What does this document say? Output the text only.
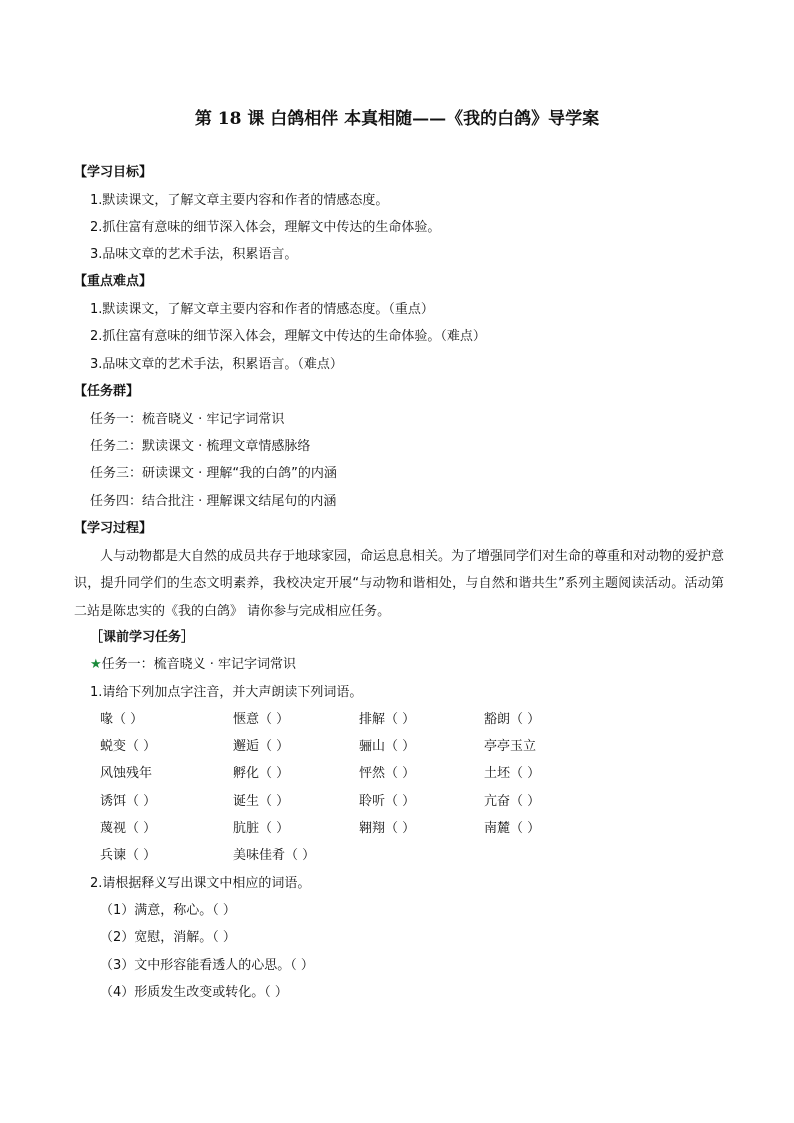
第 18 课 白鸽相伴 本真相随——《我的白鸽》导学案
【学习目标】
1.默读课文，了解文章主要内容和作者的情感态度。
2.抓住富有意味的细节深入体会，理解文中传达的生命体验。
3.品味文章的艺术手法，积累语言。
【重点难点】
1.默读课文，了解文章主要内容和作者的情感态度。（重点）
2.抓住富有意味的细节深入体会，理解文中传达的生命体验。（难点）
3.品味文章的艺术手法，积累语言。（难点）
【任务群】
任务一：梳音晓义 · 牢记字词常识
任务二：默读课文 · 梳理文章情感脉络
任务三：研读课文 · 理解“我的白鸽”的内涵
任务四：结合批注 · 理解课文结尾句的内涵
【学习过程】
人与动物都是大自然的成员共存于地球家园，命运息息相关。为了增强同学们对生命的尊重和对动物的爱护意识，提升同学们的生态文明素养，我校决定开展“与动物和谐相处，与自然和谐共生”系列主题阅读活动。活动第二站是陈忠实的《我的白鸽》 请你参与完成相应任务。
［课前学习任务］
★任务一：梳音晓义 · 牢记字词常识
1.请给下列加点字注音，并大声朗读下列词语。
喙（ ）	惬意（ ）	排解（ ）	豁朗（ ）
蜕变（ ）	邂逅（ ）	骊山（ ）	亭亭玉立
风蚀残年	孵化（ ）	怦然（ ）	土坯（ ）
诱饵（ ）	诞生（ ）	聆听（ ）	亢奋（ ）
蔑视（ ）	肮脏（ ）	翱翔（ ）	南麓（ ）
兵谏（ ）	美味佳肴（ ）
2.请根据释义写出课文中相应的词语。
（1）满意，称心。（ ）
（2）宽慰，消解。（ ）
（3）文中形容能看透人的心思。（ ）
（4）形质发生改变或转化。（ ）
